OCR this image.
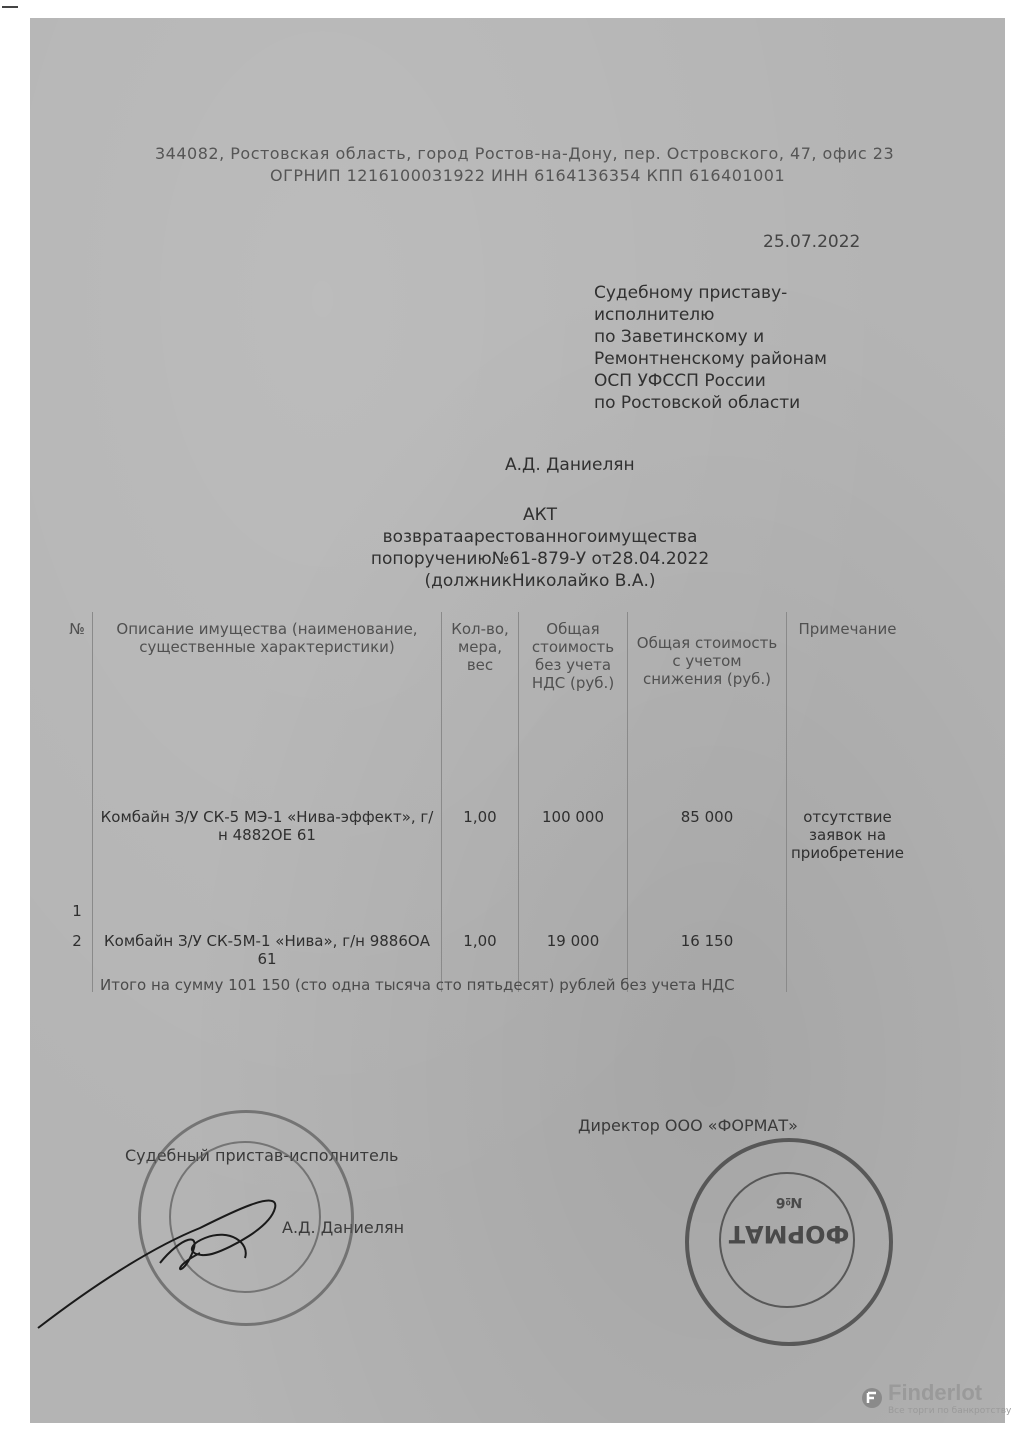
344082, Ростовская область, город Ростов-на-Дону, пер. Островского, 47, офис 23
ОГРНИП 1216100031922 ИНН 6164136354 КПП 616401001
25.07.2022
Судебному приставу-
исполнителю
по Заветинскому и
Ремонтненскому районам
ОСП УФССП России
по Ростовской области
А.Д. Даниелян
АКТ
возвратаарестованногоимущества
попоручению№61-879-У от28.04.2022
(должникНиколайко В.А.)
№	Описание имущества (наименование, существенные характеристики)	Кол-во, мера, вес	Общая стоимость без учета НДС (руб.)	Общая стоимость с учетом снижения (руб.)	Примечание
1	Комбайн З/У СК-5 МЭ-1 «Нива-эффект», г/н 4882ОЕ 61	1,00	100 000	85 000	отсутствие заявок на приобретение
2	Комбайн З/У СК-5М-1 «Нива», г/н 9886ОА 61	1,00	19 000	16 150	
Итого на сумму 101 150 (сто одна тысяча сто пятьдесят) рублей без учета НДС
Судебный пристав-исполнитель
А.Д. Даниелян
Директор ООО «ФОРМАТ»
ФОРМАТ
№6
Finderlot
Все торги по банкротству
